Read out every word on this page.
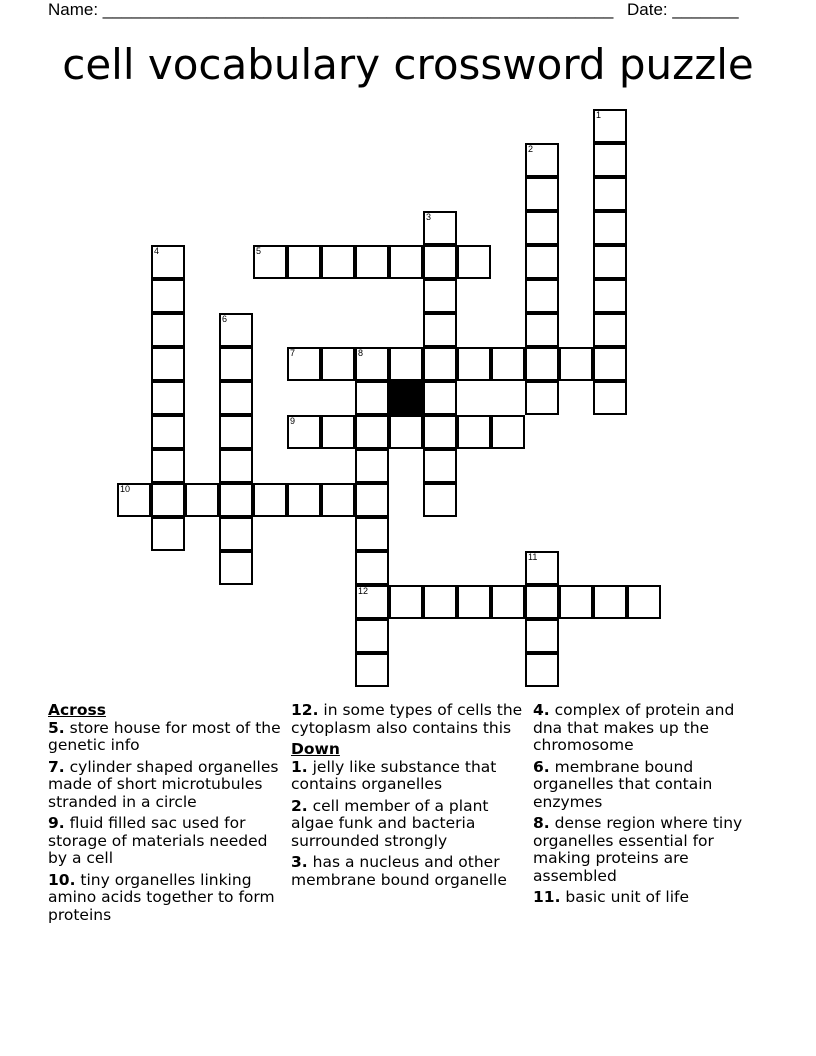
Name: ______________________________________________________ Date: _______
cell vocabulary crossword puzzle
1
2
3
4	5
6
7	8
12
9
10
11
Across
5. store house for most of the genetic info
7. cylinder shaped organelles made of short microtubules stranded in a circle
9. fluid filled sac used for storage of materials needed by a cell
10. tiny organelles linking amino acids together to form proteins
12. in some types of cells the cytoplasm also contains this
Down
1. jelly like substance that contains organelles
2. cell member of a plant algae funk and bacteria surrounded strongly
3. has a nucleus and other membrane bound organelle
4. complex of protein and dna that makes up the chromosome
6. membrane bound organelles that contain enzymes
8. dense region where tiny organelles essential for making proteins are assembled
11. basic unit of life
